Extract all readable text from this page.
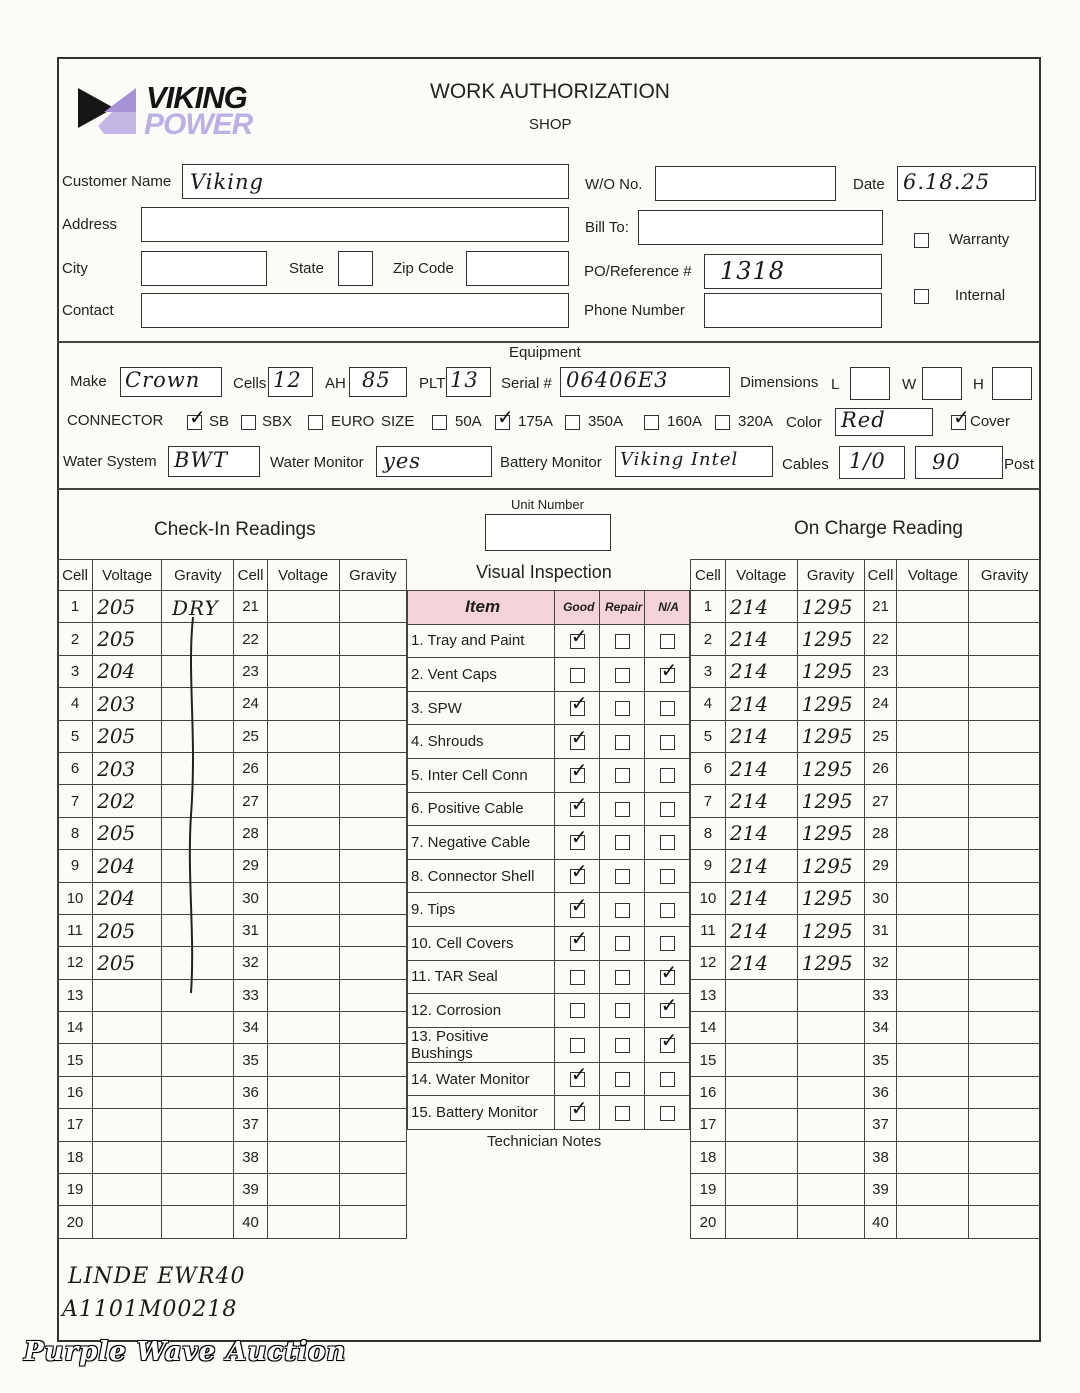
VIKING
POWER
WORK AUTHORIZATION
SHOP
Customer Name Viking
Address
City	State	Zip Code
Contact
W/O No.	Date 6.18.25
Bill To:
Warranty
PO/Reference # 1318
Internal
Phone Number
Equipment
Make Crown Cells 12 AH 85 PLT 13 Serial # 06406E3	Dimensions L	W	H
CONNECTOR ✓ SB SBX	EURO SIZE	50A ✓ 175A 350A	160A 320A Color Red	✓ Cover
Water System BWT	Water Monitor yes	Battery Monitor Viking Intel	Cables 1/0 90	Post
Check-In Readings
Unit Number
On Charge Reading
Visual Inspection
Cell	Voltage	Gravity	Cell	Voltage	Gravity
1	205		21		
2	205		22		
3	204		23		
4	203		24		
5	205		25		
6	203		26		
7	202		27		
8	205		28		
9	204		29		
10	204		30		
11	205		31		
12	205		32		
13			33		
14			34		
15			35		
16			36		
17			37		
18			38		
19			39		
20			40		
DRY	Item	Good	Repair	N/A
1. Tray and Paint	✓		

2. Vent Caps			✓

3. SPW	✓		

4. Shrouds	✓		

5. Inter Cell Conn	✓		

6. Positive Cable	✓		

7. Negative Cable	✓		

8. Connector Shell	✓		

9. Tips	✓		

10. Cell Covers	✓		

11. TAR Seal			✓

12. Corrosion			✓

13. Positive Bushings			✓

14. Water Monitor	✓		

15. Battery Monitor	✓		

Technician Notes
Cell	Voltage	Gravity	Cell	Voltage	Gravity
1	214	1295	21		
2	214	1295	22		
3	214	1295	23		
4	214	1295	24		
5	214	1295	25		
6	214	1295	26		
7	214	1295	27		
8	214	1295	28		
9	214	1295	29		
10	214	1295	30		
11	214	1295	31		
12	214	1295	32		
13			33		
14			34		
15			35		
16			36		
17			37		
18			38		
19			39		
20			40		
LINDE EWR40
A1101M00218
Purple Wave Auction
